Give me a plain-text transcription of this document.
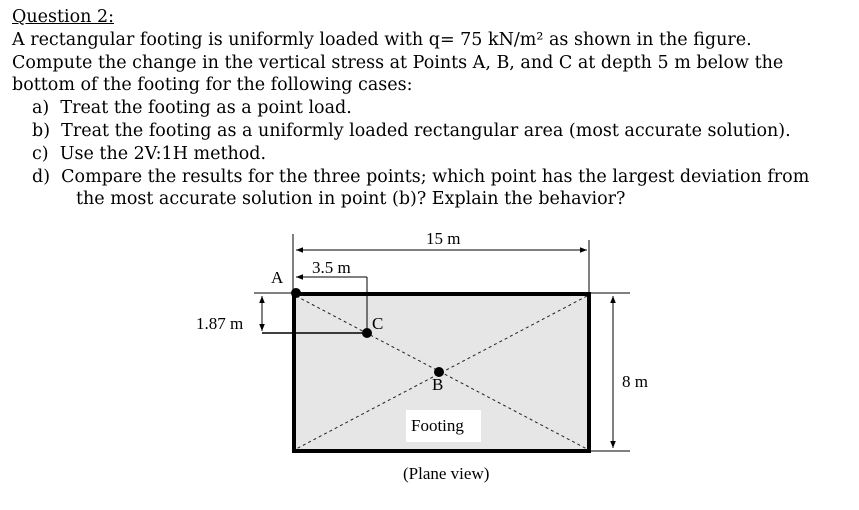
Question 2:

A rectangular footing is uniformly loaded with q= 75 kN/m² as shown in the figure.

Compute the change in the vertical stress at Points A, B, and C at depth 5 m below the

bottom of the footing for the following cases:

a) Treat the footing as a point load.

b) Treat the footing as a uniformly loaded rectangular area (most accurate solution).

c) Use the 2V:1H method.

d) Compare the results for the three points; which point has the largest deviation from

the most accurate solution in point (b)? Explain the behavior?

15 m
3.5 m
1.87 m
8 m
A
C
B
Footing
(Plane view)
